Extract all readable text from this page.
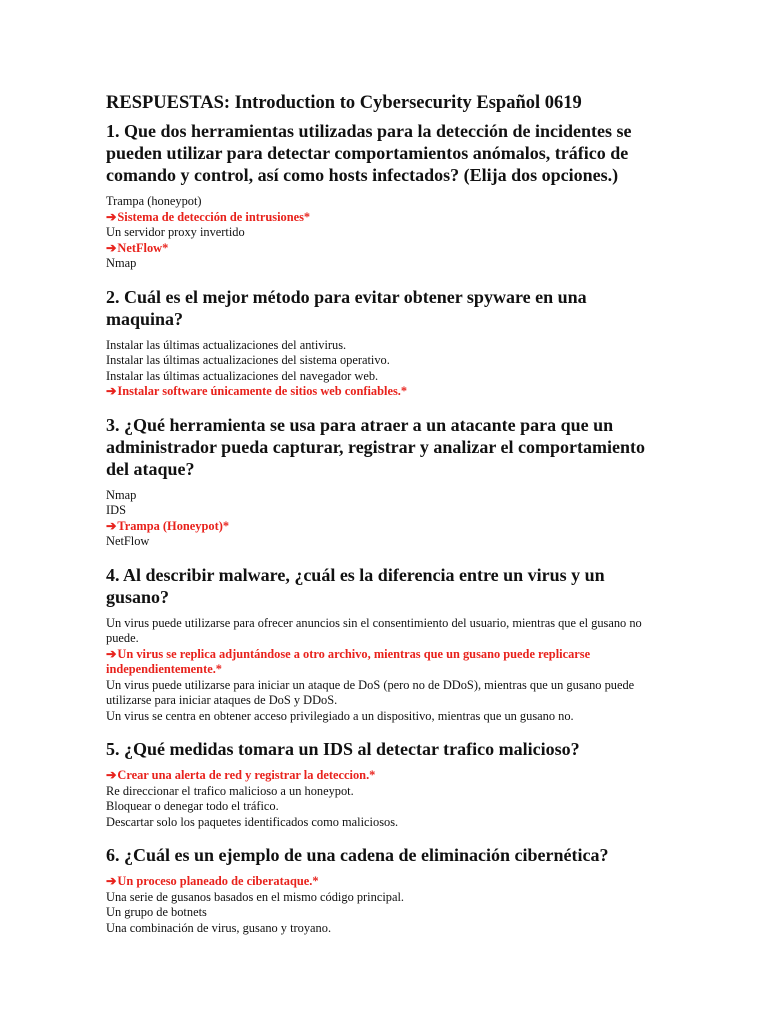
RESPUESTAS: Introduction to Cybersecurity Español 0619
1. Que dos herramientas utilizadas para la detección de incidentes se pueden utilizar para detectar comportamientos anómalos, tráfico de comando y control, así como hosts infectados? (Elija dos opciones.)

Trampa (honeypot)

➔Sistema de detección de intrusiones*

Un servidor proxy invertido

➔NetFlow*

Nmap

2. Cuál es el mejor método para evitar obtener spyware en una maquina?

Instalar las últimas actualizaciones del antivirus.

Instalar las últimas actualizaciones del sistema operativo.

Instalar las últimas actualizaciones del navegador web.

➔Instalar software únicamente de sitios web confiables.*

3. ¿Qué herramienta se usa para atraer a un atacante para que un administrador pueda capturar, registrar y analizar el comportamiento del ataque?

Nmap

IDS

➔Trampa (Honeypot)*

NetFlow

4. Al describir malware, ¿cuál es la diferencia entre un virus y un gusano?

Un virus puede utilizarse para ofrecer anuncios sin el consentimiento del usuario, mientras que el gusano no puede.

➔Un virus se replica adjuntándose a otro archivo, mientras que un gusano puede replicarse independientemente.*

Un virus puede utilizarse para iniciar un ataque de DoS (pero no de DDoS), mientras que un gusano puede utilizarse para iniciar ataques de DoS y DDoS.

Un virus se centra en obtener acceso privilegiado a un dispositivo, mientras que un gusano no.

5. ¿Qué medidas tomara un IDS al detectar trafico malicioso?

➔Crear una alerta de red y registrar la deteccion.*

Re direccionar el trafico malicioso a un honeypot.

Bloquear o denegar todo el tráfico.

Descartar solo los paquetes identificados como maliciosos.

6. ¿Cuál es un ejemplo de una cadena de eliminación cibernética?

➔Un proceso planeado de ciberataque.*

Una serie de gusanos basados en el mismo código principal.

Un grupo de botnets

Una combinación de virus, gusano y troyano.
